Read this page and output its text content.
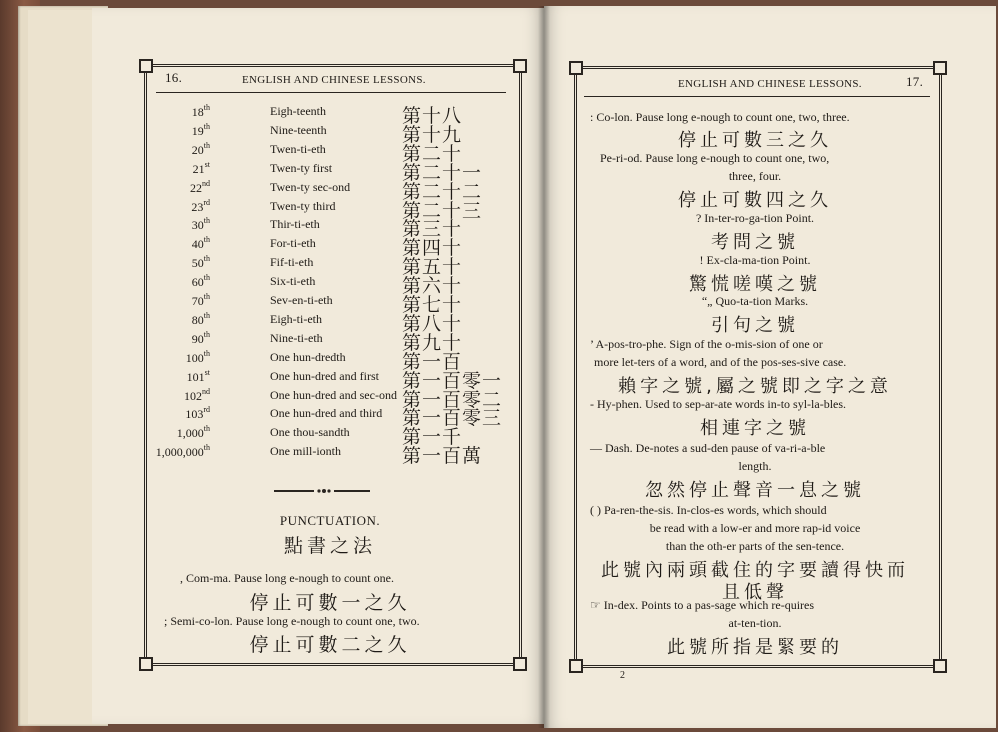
16.	ENGLISH AND CHINESE LESSONS.
18th	Eigh-teenth	第十八
19th	Nine-teenth	第十九
20th	Twen-ti-eth	第二十
21st	Twen-ty first	第二十一
22nd	Twen-ty sec-ond	第二十二
23rd	Twen-ty third	第二十三
30th	Thir-ti-eth	第三十
40th	For-ti-eth	第四十
50th	Fif-ti-eth	第五十
60th	Six-ti-eth	第六十
70th	Sev-en-ti-eth	第七十
80th	Eigh-ti-eth	第八十
90th	Nine-ti-eth	第九十
100th	One hun-dredth	第一百
101st	One hun-dred and first 第一百零一
102nd	One hun-dred and sec-ond 第一百零二
103rd	One hun-dred and third 第一百零三
1,000th	One thou-sandth	第一千
1,000,000th	One mill-ionth	第一百萬
PUNCTUATION.
點書之法
, Com-ma. Pause long e-nough to count one.
停止可數一之久
; Semi-co-lon. Pause long e-nough to count one, two.
停止可數二之久
ENGLISH AND CHINESE LESSONS.	17.
: Co-lon. Pause long e-nough to count one, two, three.
停止可數三之久
Pe-ri-od. Pause long e-nough to count one, two,
three, four.
停止可數四之久
? In-ter-ro-ga-tion Point.
考問之號
! Ex-cla-ma-tion Point.
驚慌嗟嘆之號
“„ Quo-ta-tion Marks.
引句之號
’ A-pos-tro-phe. Sign of the o-mis-sion of one or
more let-ters of a word, and of the pos-ses-sive case.
賴字之號,屬之號即之字之意
- Hy-phen. Used to sep-ar-ate words in-to syl-la-bles.
相連字之號
— Dash. De-notes a sud-den pause of va-ri-a-ble
length.
忽然停止聲音一息之號
( ) Pa-ren-the-sis. In-clos-es words, which should
be read with a low-er and more rap-id voice
than the oth-er parts of the sen-tence.
此號內兩頭截住的字要讀得快而
且低聲
☞ In-dex. Points to a pas-sage which re-quires
at-ten-tion.
此號所指是緊要的
2
